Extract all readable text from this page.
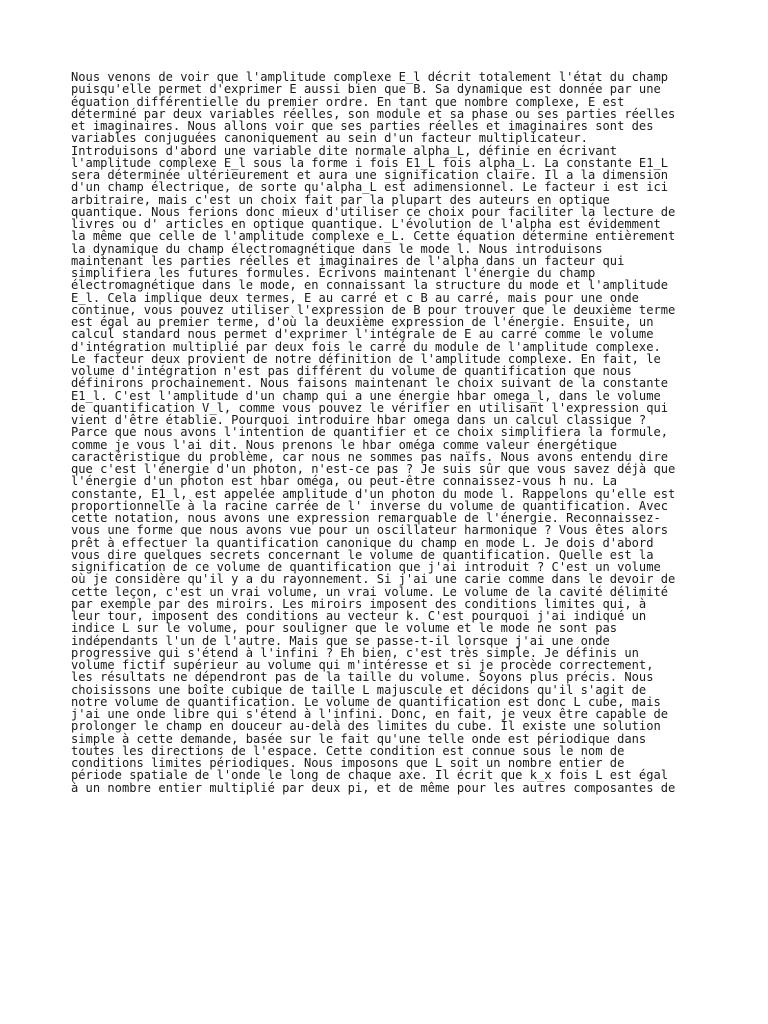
Nous venons de voir que l'amplitude complexe E_l décrit totalement l'état du champ
puisqu'elle permet d'exprimer E aussi bien que B. Sa dynamique est donnée par une
équation différentielle du premier ordre. En tant que nombre complexe, E est
déterminé par deux variables réelles, son module et sa phase ou ses parties réelles
et imaginaires. Nous allons voir que ses parties réelles et imaginaires sont des
variables conjuguées canoniquement au sein d'un facteur multiplicateur.
Introduisons d'abord une variable dite normale alpha_L, définie en écrivant
l'amplitude complexe E_l sous la forme i fois E1_L fois alpha_L. La constante E1_L
sera déterminée ultérieurement et aura une signification claire. Il a la dimension
d'un champ électrique, de sorte qu'alpha_L est adimensionnel. Le facteur i est ici
arbitraire, mais c'est un choix fait par la plupart des auteurs en optique
quantique. Nous ferions donc mieux d'utiliser ce choix pour faciliter la lecture de
livres ou d' articles en optique quantique. L'évolution de l'alpha est évidemment
la même que celle de l'amplitude complexe e_L. Cette équation détermine entièrement
la dynamique du champ électromagnétique dans le mode l. Nous introduisons
maintenant les parties réelles et imaginaires de l'alpha dans un facteur qui
simplifiera les futures formules. Écrivons maintenant l'énergie du champ
électromagnétique dans le mode, en connaissant la structure du mode et l'amplitude
E_l. Cela implique deux termes, E au carré et c B au carré, mais pour une onde
continue, vous pouvez utiliser l'expression de B pour trouver que le deuxième terme
est égal au premier terme, d'où la deuxième expression de l'énergie. Ensuite, un
calcul standard nous permet d'exprimer l'intégrale de E au carré comme le volume
d'intégration multiplié par deux fois le carré du module de l'amplitude complexe.
Le facteur deux provient de notre définition de l'amplitude complexe. En fait, le
volume d'intégration n'est pas différent du volume de quantification que nous
définirons prochainement. Nous faisons maintenant le choix suivant de la constante
E1_l. C'est l'amplitude d'un champ qui a une énergie hbar omega_l, dans le volume
de quantification V_l, comme vous pouvez le vérifier en utilisant l'expression qui
vient d'être établie. Pourquoi introduire hbar omega dans un calcul classique ?
Parce que nous avons l'intention de quantifier et ce choix simplifiera la formule,
comme je vous l'ai dit. Nous prenons le hbar oméga comme valeur énergétique
caractéristique du problème, car nous ne sommes pas naïfs. Nous avons entendu dire
que c'est l'énergie d'un photon, n'est-ce pas ? Je suis sûr que vous savez déjà que
l'énergie d'un photon est hbar oméga, ou peut-être connaissez-vous h nu. La
constante, E1_l, est appelée amplitude d'un photon du mode l. Rappelons qu'elle est
proportionnelle à la racine carrée de l' inverse du volume de quantification. Avec
cette notation, nous avons une expression remarquable de l'énergie. Reconnaissez-
vous une forme que nous avons vue pour un oscillateur harmonique ? Vous êtes alors
prêt à effectuer la quantification canonique du champ en mode L. Je dois d'abord
vous dire quelques secrets concernant le volume de quantification. Quelle est la
signification de ce volume de quantification que j'ai introduit ? C'est un volume
où je considère qu'il y a du rayonnement. Si j'ai une carie comme dans le devoir de
cette leçon, c'est un vrai volume, un vrai volume. Le volume de la cavité délimité
par exemple par des miroirs. Les miroirs imposent des conditions limites qui, à
leur tour, imposent des conditions au vecteur k. C'est pourquoi j'ai indiqué un
indice L sur le volume, pour souligner que le volume et le mode ne sont pas
indépendants l'un de l'autre. Mais que se passe-t-il lorsque j'ai une onde
progressive qui s'étend à l'infini ? Eh bien, c'est très simple. Je définis un
volume fictif supérieur au volume qui m'intéresse et si je procède correctement,
les résultats ne dépendront pas de la taille du volume. Soyons plus précis. Nous
choisissons une boîte cubique de taille L majuscule et décidons qu'il s'agit de
notre volume de quantification. Le volume de quantification est donc L cube, mais
j'ai une onde libre qui s'étend à l'infini. Donc, en fait, je veux être capable de
prolonger le champ en douceur au-delà des limites du cube. Il existe une solution
simple à cette demande, basée sur le fait qu'une telle onde est périodique dans
toutes les directions de l'espace. Cette condition est connue sous le nom de
conditions limites périodiques. Nous imposons que L soit un nombre entier de
période spatiale de l'onde le long de chaque axe. Il écrit que k_x fois L est égal
à un nombre entier multiplié par deux pi, et de même pour les autres composantes de
